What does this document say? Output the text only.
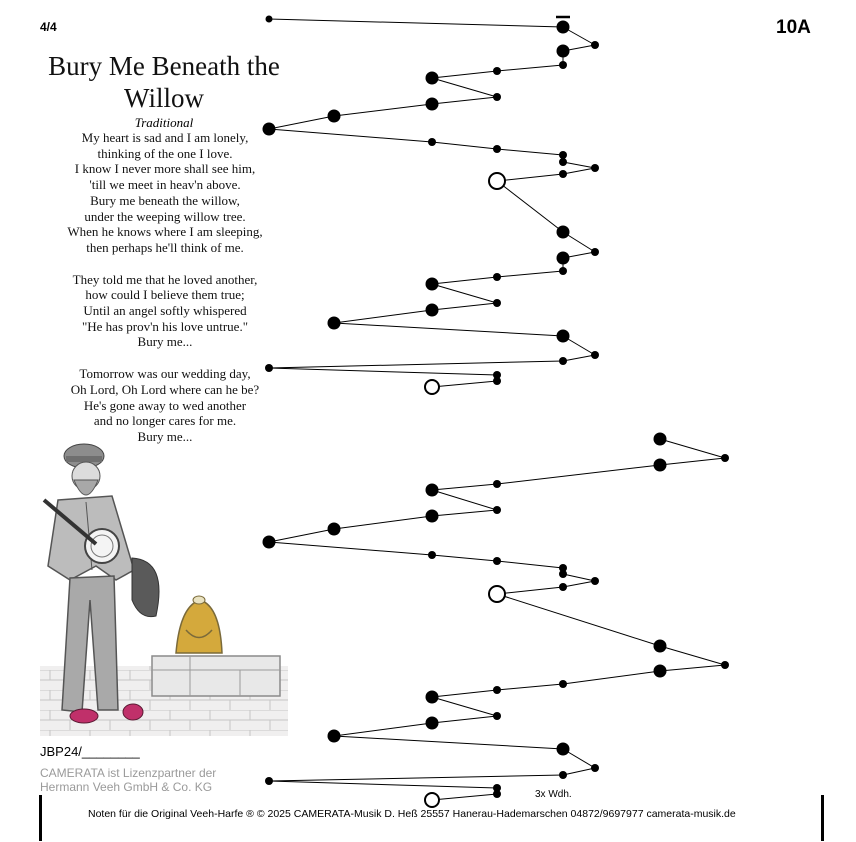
4/4	10A
Bury Me Beneath the Willow
Traditional
My heart is sad and I am lonely,
thinking of the one I love.
I know I never more shall see him,
'till we meet in heav'n above.
Bury me beneath the willow,
under the weeping willow tree.
When he knows where I am sleeping,
then perhaps he'll think of me.
They told me that he loved another,
how could I believe them true;
Until an angel softly whispered
"He has prov'n his love untrue."
Bury me...
Tomorrow was our wedding day,
Oh Lord, Oh Lord where can he be?
He's gone away to wed another
and no longer cares for me.
Bury me...
JBP24/________
CAMERATA ist Lizenzpartner der
Hermann Veeh GmbH & Co. KG
3x Wdh.
Noten für die Original Veeh-Harfe ® © 2025 CAMERATA-Musik D. Heß 25557 Hanerau-Hademarschen 04872/9697977 camerata-musik.de
